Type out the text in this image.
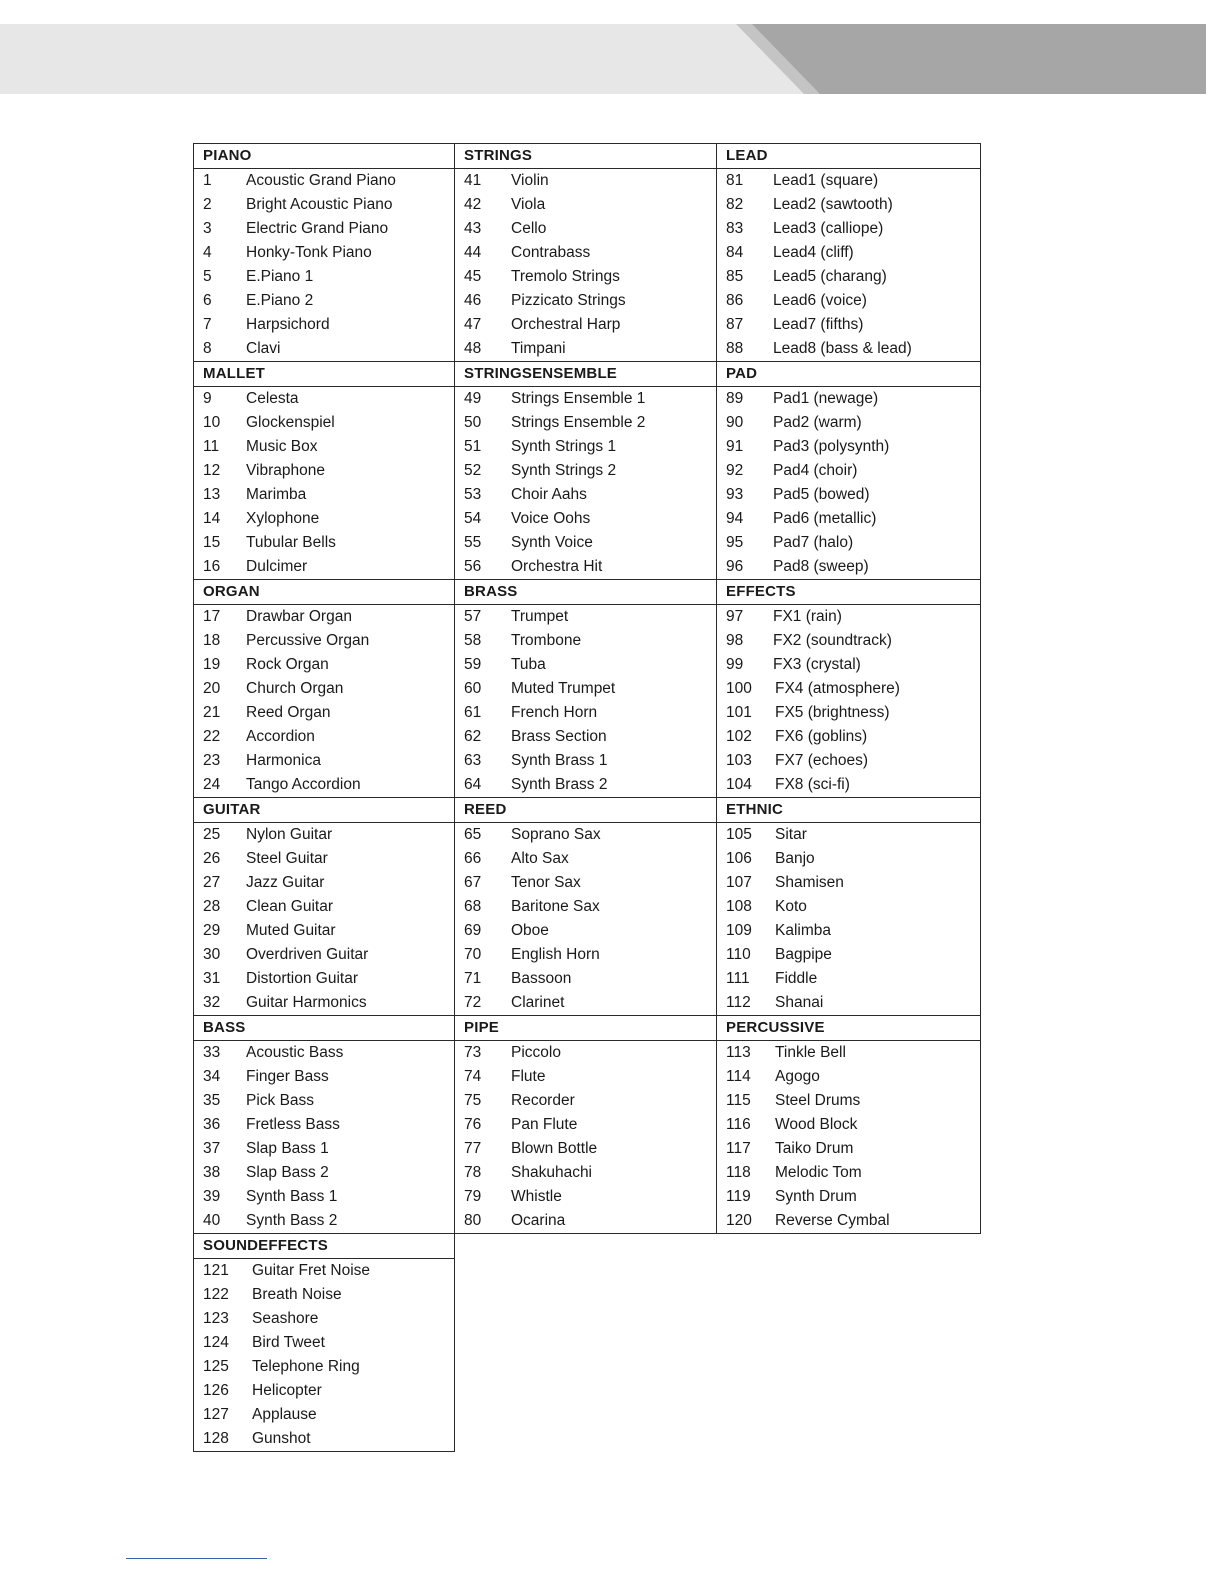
PIANO	STRINGS	LEAD
1 Acoustic Grand Piano	41 Violin	81 Lead1 (square)
2 Bright Acoustic Piano	42 Viola	82 Lead2 (sawtooth)
3 Electric Grand Piano	43 Cello	83 Lead3 (calliope)
4 Honky-Tonk Piano	44 Contrabass	84 Lead4 (cliff)
5 E.Piano 1	45 Tremolo Strings	85 Lead5 (charang)
6 E.Piano 2	46 Pizzicato Strings	86 Lead6 (voice)
7 Harpsichord	47 Orchestral Harp	87 Lead7 (fifths)
8 Clavi	48 Timpani	88 Lead8 (bass & lead)
MALLET	STRINGSENSEMBLE	PAD
9 Celesta	49 Strings Ensemble 1	89 Pad1 (newage)
10 Glockenspiel	50 Strings Ensemble 2	90 Pad2 (warm)
11 Music Box	51 Synth Strings 1	91 Pad3 (polysynth)
12 Vibraphone	52 Synth Strings 2	92 Pad4 (choir)
13 Marimba	53 Choir Aahs	93 Pad5 (bowed)
14 Xylophone	54 Voice Oohs	94 Pad6 (metallic)
15 Tubular Bells	55 Synth Voice	95 Pad7 (halo)
16 Dulcimer	56 Orchestra Hit	96 Pad8 (sweep)
ORGAN	BRASS	EFFECTS
17 Drawbar Organ	57 Trumpet	97 FX1 (rain)
18 Percussive Organ	58 Trombone	98 FX2 (soundtrack)
19 Rock Organ	59 Tuba	99 FX3 (crystal)
20 Church Organ	60 Muted Trumpet	100 FX4 (atmosphere)
21 Reed Organ	61 French Horn	101 FX5 (brightness)
22 Accordion	62 Brass Section	102 FX6 (goblins)
23 Harmonica	63 Synth Brass 1	103 FX7 (echoes)
24 Tango Accordion	64 Synth Brass 2	104 FX8 (sci-fi)
GUITAR	REED	ETHNIC
25 Nylon Guitar	65 Soprano Sax	105 Sitar
26 Steel Guitar	66 Alto Sax	106 Banjo
27 Jazz Guitar	67 Tenor Sax	107 Shamisen
28 Clean Guitar	68 Baritone Sax	108 Koto
29 Muted Guitar	69 Oboe	109 Kalimba
30 Overdriven Guitar	70 English Horn	110 Bagpipe
31 Distortion Guitar	71 Bassoon	111 Fiddle
32 Guitar Harmonics	72 Clarinet	112 Shanai
BASS	PIPE	PERCUSSIVE
33 Acoustic Bass	73 Piccolo	113 Tinkle Bell
34 Finger Bass	74 Flute	114 Agogo
35 Pick Bass	75 Recorder	115 Steel Drums
36 Fretless Bass	76 Pan Flute	116 Wood Block
37 Slap Bass 1	77 Blown Bottle	117 Taiko Drum
38 Slap Bass 2	78 Shakuhachi	118 Melodic Tom
39 Synth Bass 1	79 Whistle	119 Synth Drum
40 Synth Bass 2	80 Ocarina	120 Reverse Cymbal
SOUNDEFFECTS		
121 Guitar Fret Noise		
122 Breath Noise		
123 Seashore		
124 Bird Tweet		
125 Telephone Ring		
126 Helicopter		
127 Applause		
128 Gunshot		
